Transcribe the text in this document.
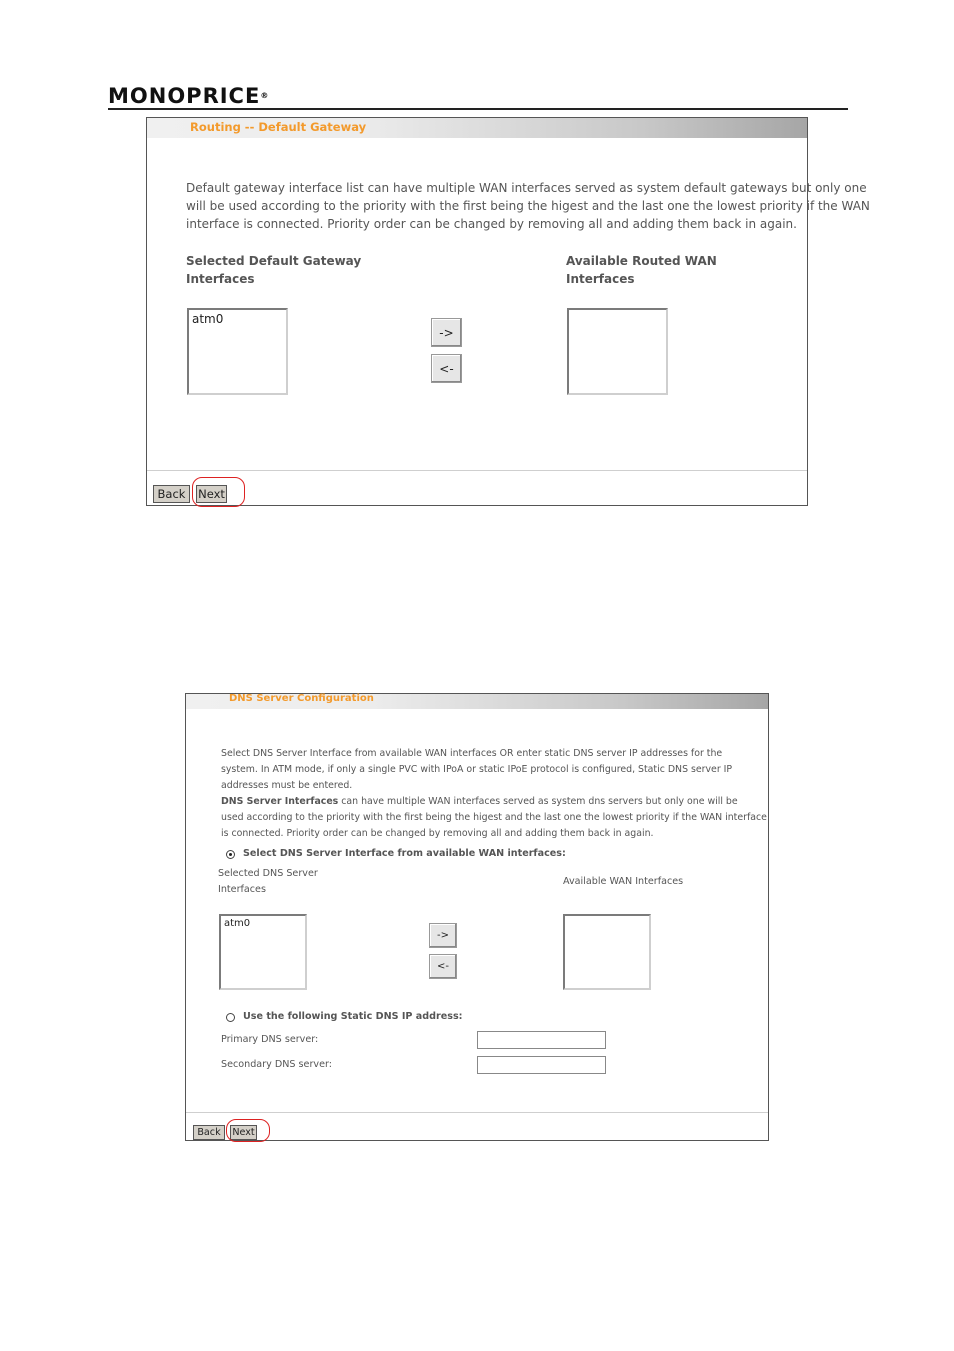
MONOPRICE®
Routing -- Default Gateway
Default gateway interface list can have multiple WAN interfaces served as system default gateways but only one
will be used according to the priority with the first being the higest and the last one the lowest priority if the WAN
interface is connected. Priority order can be changed by removing all and adding them back in again.
Selected Default Gateway
Interfaces
Available Routed WAN
Interfaces
atm0
->
<-
Back	Next
DNS Server Configuration
Select DNS Server Interface from available WAN interfaces OR enter static DNS server IP addresses for the
system. In ATM mode, if only a single PVC with IPoA or static IPoE protocol is configured, Static DNS server IP
addresses must be entered.
DNS Server Interfaces can have multiple WAN interfaces served as system dns servers but only one will be
used according to the priority with the first being the higest and the last one the lowest priority if the WAN interface
is connected. Priority order can be changed by removing all and adding them back in again.
Select DNS Server Interface from available WAN interfaces:
Selected DNS Server
Interfaces
Available WAN Interfaces
atm0
->
<-
Use the following Static DNS IP address:
Primary DNS server:
Secondary DNS server:
Back	Next
